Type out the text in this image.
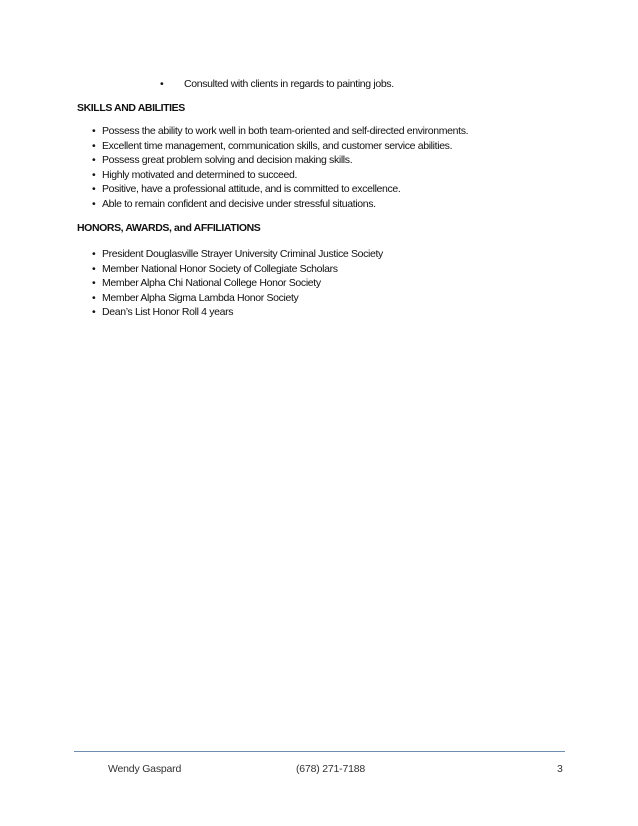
• Consulted with clients in regards to painting jobs.
SKILLS AND ABILITIES
• Possess the ability to work well in both team-oriented and self-directed environments.
• Excellent time management, communication skills, and customer service abilities.
• Possess great problem solving and decision making skills.
• Highly motivated and determined to succeed.
• Positive, have a professional attitude, and is committed to excellence.
• Able to remain confident and decisive under stressful situations.
HONORS, AWARDS, and AFFILIATIONS
• President Douglasville Strayer University Criminal Justice Society
• Member National Honor Society of Collegiate Scholars
• Member Alpha Chi National College Honor Society
• Member Alpha Sigma Lambda Honor Society
• Dean’s List Honor Roll 4 years
Wendy Gaspard	(678) 271-7188	3
